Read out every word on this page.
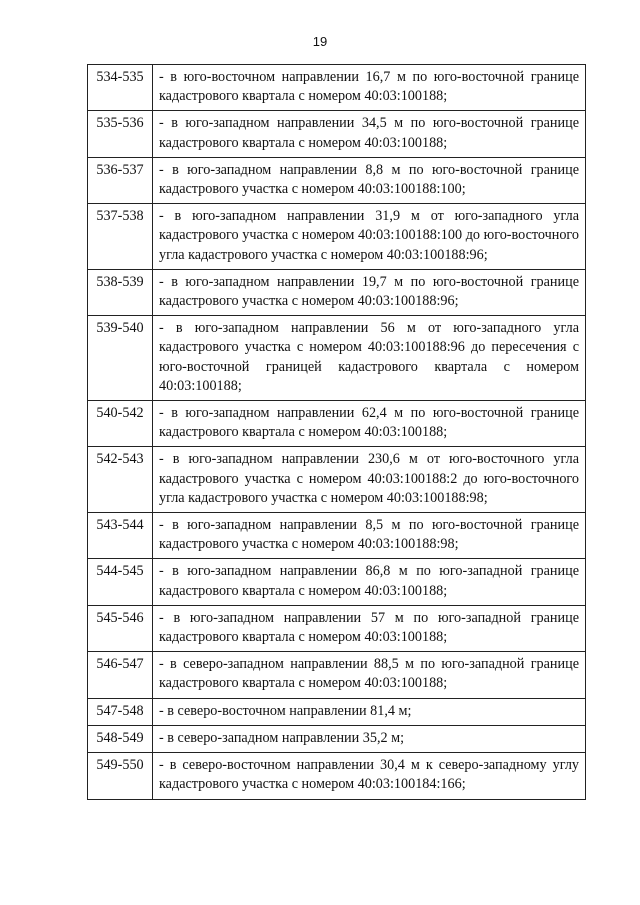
19
534-535	- в юго-восточном направлении 16,7 м по юго-восточной границе кадастрового квартала с номером 40:03:100188;
535-536	- в юго-западном направлении 34,5 м по юго-восточной границе кадастрового квартала с номером 40:03:100188;
536-537	- в юго-западном направлении 8,8 м по юго-восточной границе кадастрового участка с номером 40:03:100188:100;
537-538	- в юго-западном направлении 31,9 м от юго-западного угла кадастрового участка с номером 40:03:100188:100 до юго-восточного угла кадастрового участка с номером 40:03:100188:96;
538-539	- в юго-западном направлении 19,7 м по юго-восточной границе кадастрового участка с номером 40:03:100188:96;
539-540	- в юго-западном направлении 56 м от юго-западного угла кадастрового участка с номером 40:03:100188:96 до пересечения с юго-восточной границей кадастрового квартала с номером 40:03:100188;
540-542	- в юго-западном направлении 62,4 м по юго-восточной границе кадастрового квартала с номером 40:03:100188;
542-543	- в юго-западном направлении 230,6 м от юго-восточного угла кадастрового участка с номером 40:03:100188:2 до юго-восточного угла кадастрового участка с номером 40:03:100188:98;
543-544	- в юго-западном направлении 8,5 м по юго-восточной границе кадастрового участка с номером 40:03:100188:98;
544-545	- в юго-западном направлении 86,8 м по юго-западной границе кадастрового квартала с номером 40:03:100188;
545-546	- в юго-западном направлении 57 м по юго-западной границе кадастрового квартала с номером 40:03:100188;
546-547	- в северо-западном направлении 88,5 м по юго-западной границе кадастрового квартала с номером 40:03:100188;
547-548	- в северо-восточном направлении 81,4 м;
548-549	- в северо-западном направлении 35,2 м;
549-550	- в северо-восточном направлении 30,4 м к северо-западному углу кадастрового участка с номером 40:03:100184:166;
